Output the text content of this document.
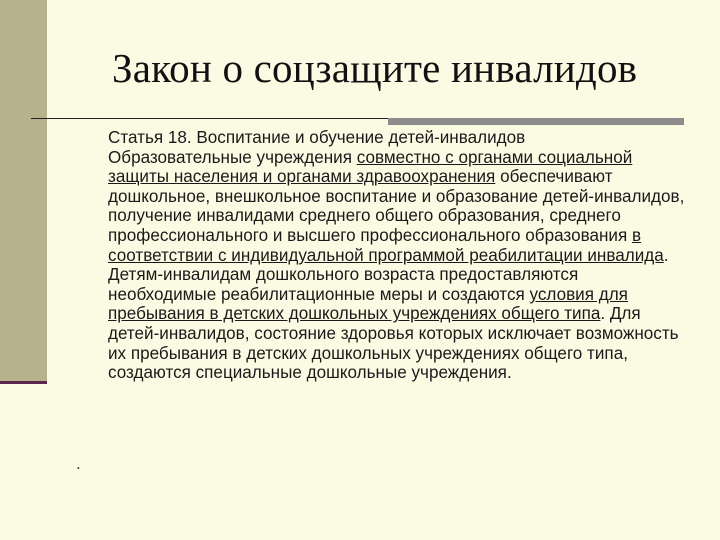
Закон о соцзащите инвалидов

Статья 18. Воспитание и обучение детей-инвалидов

Образовательные учреждения совместно с органами социальной защиты населения и органами здравоохранения обеспечивают дошкольное, внешкольное воспитание и образование детей-инвалидов, получение инвалидами среднего общего образования, среднего профессионального и высшего профессионального образования в соответствии с индивидуальной программой реабилитации инвалида.

Детям-инвалидам дошкольного возраста предоставляются необходимые реабилитационные меры и создаются условия для пребывания в детских дошкольных учреждениях общего типа. Для детей-инвалидов, состояние здоровья которых исключает возможность их пребывания в детских дошкольных учреждениях общего типа, создаются специальные дошкольные учреждения.

.
